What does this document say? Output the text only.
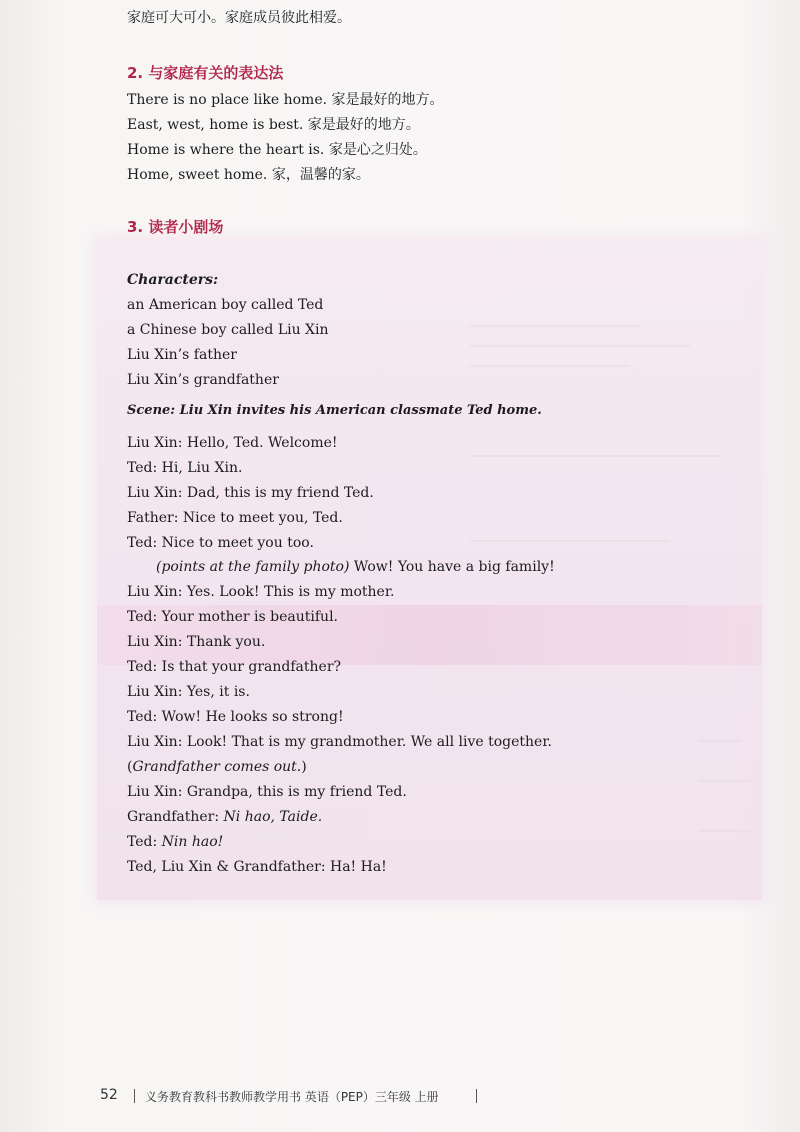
家庭可大可小。家庭成员彼此相爱。
2. 与家庭有关的表达法
There is no place like home. 家是最好的地方。
East, west, home is best. 家是最好的地方。
Home is where the heart is. 家是心之归处。
Home, sweet home. 家，温馨的家。
3. 读者小剧场
Characters:
an American boy called Ted
a Chinese boy called Liu Xin
Liu Xin’s father
Liu Xin’s grandfather
Scene: Liu Xin invites his American classmate Ted home.
Liu Xin: Hello, Ted. Welcome!
Ted: Hi, Liu Xin.
Liu Xin: Dad, this is my friend Ted.
Father: Nice to meet you, Ted.
Ted: Nice to meet you too.
(points at the family photo) Wow! You have a big family!
Liu Xin: Yes. Look! This is my mother.
Ted: Your mother is beautiful.
Liu Xin: Thank you.
Ted: Is that your grandfather?
Liu Xin: Yes, it is.
Ted: Wow! He looks so strong!
Liu Xin: Look! That is my grandmother. We all live together.
(Grandfather comes out.)
Liu Xin: Grandpa, this is my friend Ted.
Grandfather: Ni hao, Taide.
Ted: Nin hao!
Ted, Liu Xin & Grandfather: Ha! Ha!
52 义务教育教科书教师教学用书 英语（PEP）三年级 上册
